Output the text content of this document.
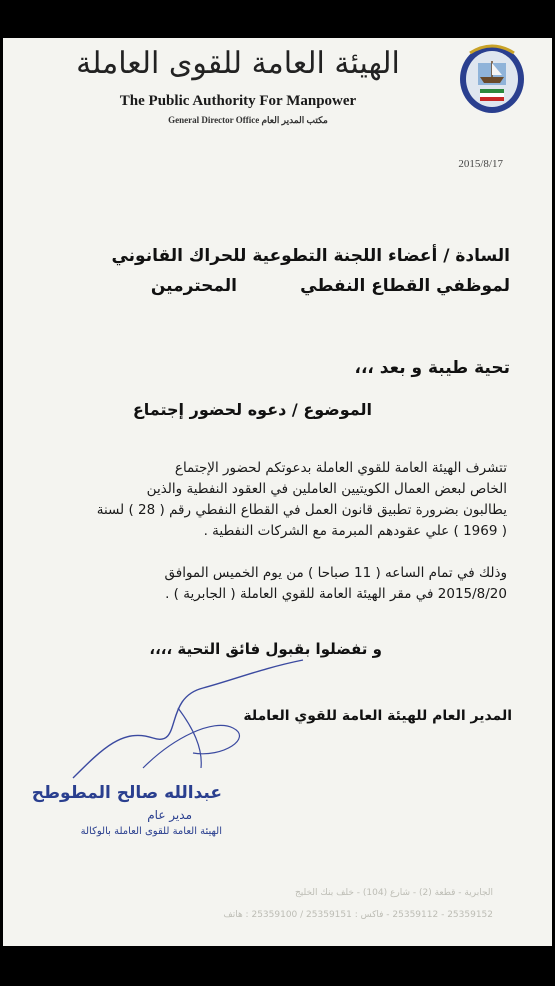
الهيئة العامة للقوى العاملة
The Public Authority For Manpower
General Director Office مكتب المدير العام
2015/8/17
السادة / أعضاء اللجنة التطوعية للحراك القانوني
لموظفي القطاع النفطي
المحترمين
تحية طيبة و بعد ،،،
الموضوع / دعوه لحضور إجتماع
تتشرف الهيئة العامة للقوي العاملة بدعوتكم لحضور الإجتماع
الخاص لبعض العمال الكويتيين العاملين في العقود النفطية والذين
يطالبون بضرورة تطبيق قانون العمل في القطاع النفطي رقم ( 28 ) لسنة
( 1969 ) علي عقودهم المبرمة مع الشركات النفطية .
وذلك في تمام الساعه ( 11 صباحا ) من يوم الخميس الموافق
2015/8/20 في مقر الهيئة العامة للقوي العاملة ( الجابرية ) .
و تفضلوا بقبول فائق التحية ،،،،
المدير العام للهيئة العامة للقوي العاملة
عبدالله صالح المطوطح
مدير عام
الهيئة العامة للقوى العاملة بالوكالة
الجابرية - قطعة (2) - شارع (104) - خلف بنك الخليج
25359152 - 25359112 - فاكس : 25359151 / 25359100 : هاتف
